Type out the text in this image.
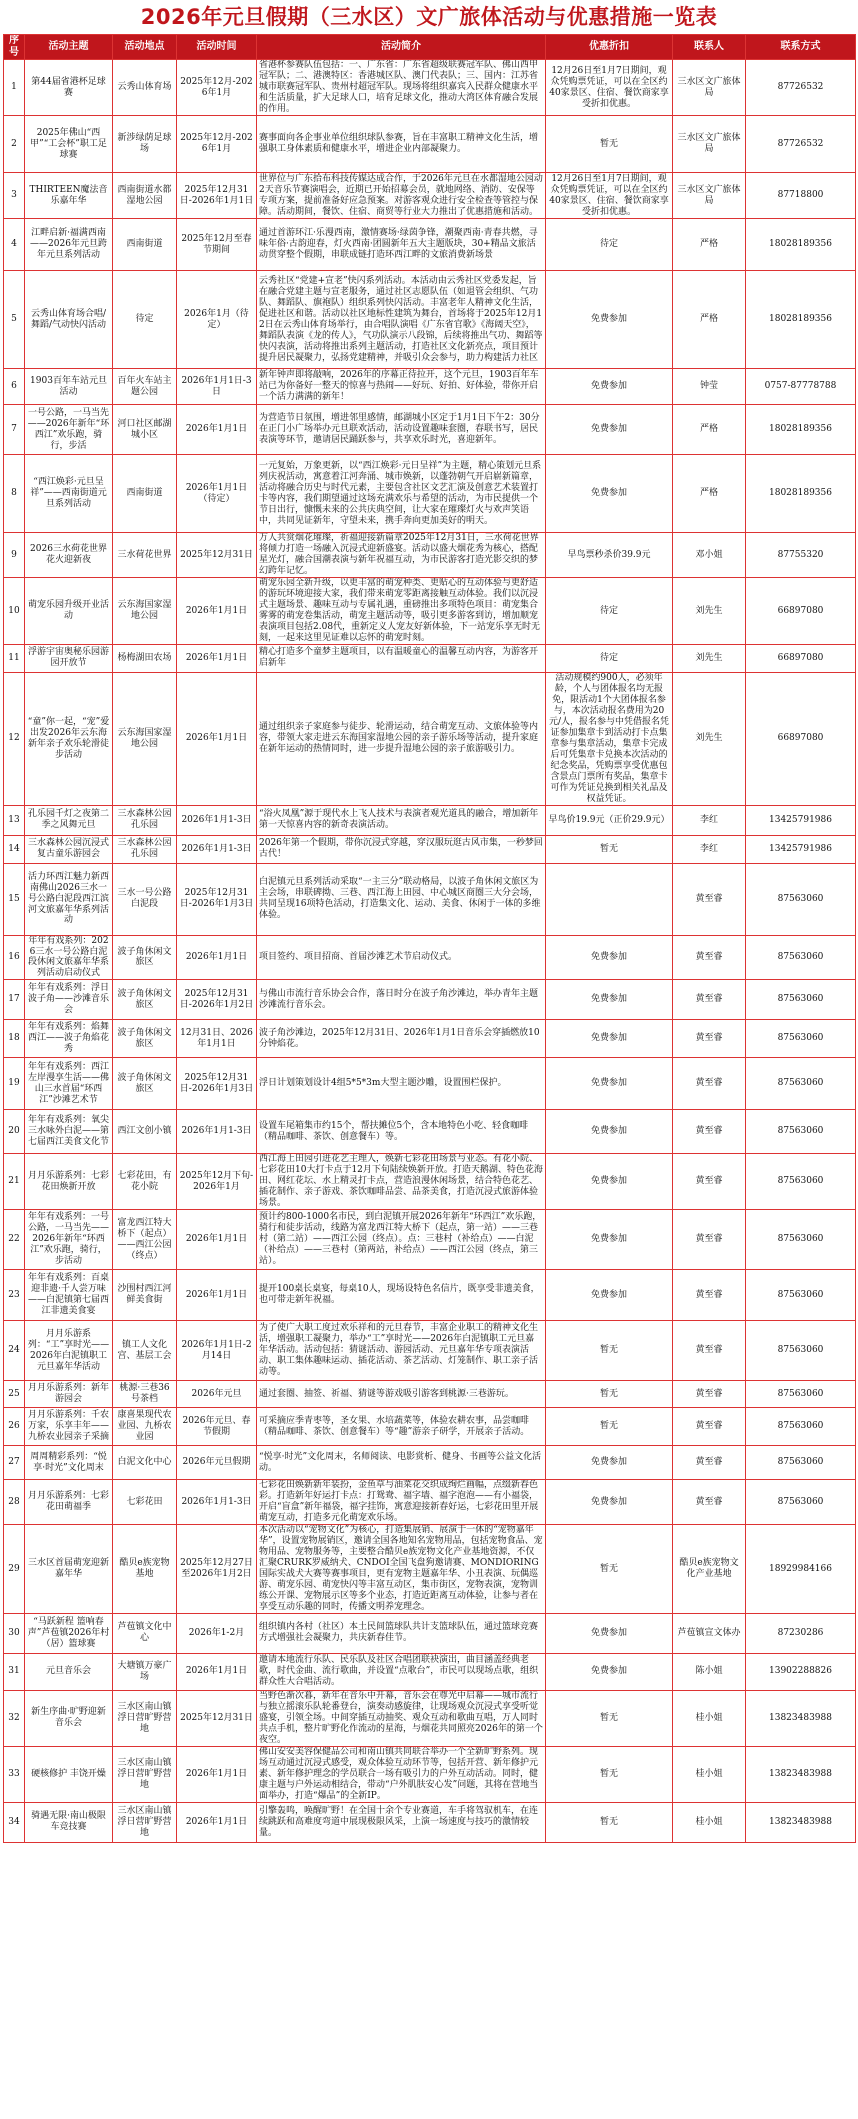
2026年元旦假期（三水区）文广旅体活动与优惠措施一览表
序号	活动主题	活动地点	活动时间	活动简介	优惠折扣	联系人	联系方式
1	第44届省港杯足球赛	云秀山体育场	2025年12月-2026年1月	省港杯参赛队伍包括：一、广东省：广东省超级联赛冠军队、佛山西甲冠军队；二、港澳特区：香港城区队、澳门代表队；三、国内：江苏省城市联赛冠军队、贵州村超冠军队。现场将组织嘉宾入民群众健康水平和生活质量，扩大足球人口，培育足球文化，推动大湾区体育融合发展的作用。	12月26日至1月7日期间，观众凭购票凭证，可以在全区约40家景区、住宿、餐饮商家享受折扣优惠。	三水区文广旅体局	87726532
2	2025年佛山“西甲”“工会杯”职工足球赛	新涉绿荫足球场	2025年12月-2026年1月	赛事面向各企事业单位组织球队参赛，旨在丰富职工精神文化生活，增强职工身体素质和健康水平，增进企业内部凝聚力。	暂无	三水区文广旅体局	87726532
3	THIRTEEN魔法音乐嘉年华	西南街道水都湿地公园	2025年12月31日-2026年1月1日	世界位与广东拾布科技传媒达成合作，于2026年元旦在水都湿地公园动2天音乐节赛演唱会，近期已开始招募会员，就地网络、消防、安保等专项方案，提前准备好应急预案。对游客观众进行安全检查等管控与保障。活动期间，餐饮、住宿、商贸等行业大力推出了优惠措施和活动。	12月26日至1月7日期间，观众凭购票凭证，可以在全区约40家景区、住宿、餐饮商家享受折扣优惠。	三水区文广旅体局	87718800
4	江畔启新·福满西南——2026年元旦跨年元旦系列活动	西南街道	2025年12月至春节期间	通过首游环江·乐漫西南，激情赛场·绿茵争锋，潮聚西南·青春共燃，寻味年俗·古韵迎春，灯火西南·团圆新年五大主题版块，30+精品文旅活动贯穿整个假期，串联成链打造环西江畔的文旅消费新场景	待定	严格	18028189356
5	云秀山体育场合唱/舞蹈/气动快闪活动	待定	2026年1月（待定）	云秀社区“党建+宣老”快闪系列活动。本活动由云秀社区党委发起，旨在融合党建主题与宣老服务，通过社区志愿队伍（如退管会组织、气功队、舞蹈队、旗袍队）组织系列快闪活动。丰富老年人精神文化生活，促进社区和谐。活动以社区地标性建筑为舞台，首场将于2025年12月12日在云秀山体育场举行，由合唱队演唱《广东省官歌》《海阔天空》，舞蹈队表演《龙的传人》，气功队演示八段锦，后续将推出气功、舞蹈等快闪表演，活动将推出系列主题活动，打造社区文化新亮点，项目预计提升居民凝聚力，弘扬党建精神，并吸引众会参与，助力构建活力社区	免费参加	严格	18028189356
6	1903百年车站元旦活动	百年火车站主题公园	2026年1月1日-3日	新年钟声即将敲响，2026年的序幕正待拉开，这个元旦，1903百年车站已为你备好一整天的惊喜与热闹——好玩、好拍、好体验，带你开启一个活力满满的新年！	免费参加	钟莹	0757-87778788
7	一号公路，一马当先——2026年新年“环西江”欢乐跑，骑行，步活	河口社区邮湖城小区	2026年1月1日	为营造节日氛围，增进邻里感情，邮湖城小区定于1月1日下午2：30分在正门小广场举办元旦联欢活动，活动设置趣味套圈，春联书写，居民表演等环节，邀请居民踊跃参与，共享欢乐时光，喜迎新年。	免费参加	严格	18028189356
8	“西江焕彩·元旦呈祥”——西南街道元旦系列活动	西南街道	2026年1月1日（待定）	一元复始，万象更新，以“西江焕彩·元日呈祥”为主题，精心策划元旦系列庆祝活动，寓意着江河奔涌、城市焕新，以蓬勃朝气开启崭新篇章，活动将融合历史与时代元素，主要包含社区文艺汇演及创意艺术装置打卡等内容，我们期望通过这场充满欢乐与希望的活动，为市民提供一个节日出行，慷慨未来的公共庆典空间，让大家在璀璨灯火与欢声笑语中，共同见证新年，守望未来，携手奔向更加美好的明天。	免费参加	严格	18028189356
9	2026三水荷花世界花火迎新夜	三水荷花世界	2025年12月31日	万人共赏烟花璀璨，祈福迎接新篇章2025年12月31日，三水荷花世界将倾力打造一场融入沉浸式迎新盛宴。活动以盛大烟花秀为核心，搭配星光灯，融合国潮表演与新年祝福互动，为市民游客打造光影交织的梦幻跨年记忆。	早鸟票秒杀价39.9元	邓小姐	87755320
10	萌宠乐园升级开业活动	云东海国家湿地公园	2026年1月1日	萌宠乐园全新升级，以更丰富的萌宠种类、更贴心的互动体验与更舒适的游玩环境迎接大家，我们带来萌宠零距离接触互动体验。我们以沉浸式主题场景、趣味互动与专属礼遇，重磅推出多项特色项目：萌宠集合雾雾的萌宠卷集活动，萌宠主题活动等，吸引更多游客到访，增加顺宠表演项目包括2.08代，重新定义人宠友好新体验，下一站宠乐享无时无刻，一起来这里见证难以忘怀的萌宠时刻。	待定	刘先生	66897080
11	浮游宇宙奥秘乐园游园开放节	杨梅湖田农场	2026年1月1日	精心打造多个童梦主题项目，以有温暖童心的温馨互动内容，为游客开启新年	待定	刘先生	66897080
12	“童”你一起，“宠”爱出发2026年云东海新年亲子欢乐轮滑徒步活动	云东海国家湿地公园	2026年1月1日	通过组织亲子家庭参与徒步、轮滑运动，结合萌宠互动、文旅体验等内容，带领大家走进云东海国家湿地公园的亲子游乐场等活动，提升家庭在新年运动的热情同时，进一步提升湿地公园的亲子旅游吸引力。	活动规模约900人，必须年龄，个人与团体报名均无报免，限活动1个大团体报名参与，本次活动报名费用为20元/人，报名参与中凭借报名凭证参加集章卡到活动打卡点集章参与集章活动，集章卡完成后可凭集章卡兑换本次活动的纪念奖品，凭购票享受优惠包含景点门票所有奖品，集章卡可作为凭证兑换到相关礼品及权益凭证。	刘先生	66897080
13	孔乐园千灯之夜第二季之风舞元旦	三水森林公园孔乐园	2026年1月1-3日	“浴火凤凰”源于现代水上飞人技术与表演者观光道具的融合，增加新年第一天惊喜内容的新奇表演活动。	早鸟价19.9元（正价29.9元）	李红	13425791986
14	三水森林公园沉浸式复古童乐游园会	三水森林公园孔乐园	2026年1月1-3日	2026年第一个假期，带你沉浸式穿越，穿汉服玩逛古风市集，一秒梦回古代！	暂无	李红	13425791986
15	活力环西江魅力新西南佛山2026三水一号公路白泥段西江滨河文旅嘉年华系列活动	三水一号公路白泥段	2025年12月31日-2026年1月3日	白泥镇元旦系列活动采取“一主三分”联动格局，以波子角休闲文旅区为主会场，串联碑拗、三巷、西江海上田园、中心城区商圈三大分会场，共同呈现16项特色活动，打造集文化、运动、美食、休闲于一体的多维体验。		黄至睿	87563060
16	年年有戏系列：2026三水一号公路白泥段休闲文旅嘉年华系列活动启动仪式	波子角休闲文旅区	2026年1月1日	项目签约、项目招商、首届沙滩艺术节启动仪式。	免费参加	黄至睿	87563060
17	年年有戏系列：浮日波子角——沙滩音乐会	波子角休闲文旅区	2025年12月31日-2026年1月2日	与佛山市流行音乐协会合作，落日时分在波子角沙滩边，举办青年主题沙滩流行音乐会。	免费参加	黄至睿	87563060
18	年年有戏系列：焰舞西江——波子角焰花秀	波子角休闲文旅区	12月31日、2026年1月1日	波子角沙滩边，2025年12月31日、2026年1月1日音乐会穿插燃放10分钟焰花。	免费参加	黄至睿	87563060
19	年年有戏系列：西江左岸漫享生活——佛山三水首届“环西江”沙滩艺术节	波子角休闲文旅区	2025年12月31日-2026年1月3日	浮日计划策划设计4组5*5*3m大型主题沙雕，设置围栏保护。	免费参加	黄至睿	87563060
20	年年有戏系列：氧尖三水咏外白泥——第七届西江美食文化节	西江文创小镇	2026年1月1-3日	设置车尾箱集市约15个，帮扶摊位5个，含本地特色小吃、轻食咖啡（精品咖啡、茶饮、创意餐车）等。	免费参加	黄至睿	87563060
21	月月乐游系列：七彩花田焕新开放	七彩花田，有花小院	2025年12月下旬-2026年1月	西江海上田园引进花艺主理人，焕新七彩花田场景与业态。有花小院、七彩花田10大打卡点于12月下旬陆续焕新开放。打造天鹅湖、特色花海田、网红花坛、水上精灵打卡点，营造浪漫休闲场景，结合特色花艺、插花制作、亲子游戏、茶饮咖啡品尝、品茶美食，打造沉浸式旅游体验场景。	免费参加	黄至睿	87563060
22	年年有戏系列：一号公路，一马当先——2026年新年“环西江”欢乐跑，骑行，步活动	富龙西江特大桥下（起点）——西江公园（终点）	2026年1月1日	预计约800-1000名市民，到白泥镇开展2026年新年“环西江”欢乐跑，骑行和徒步活动，线路为富龙西江特大桥下（起点，第一站）——三巷村（第二站）——西江公园（终点）。点：三巷村（补给点）——白泥（补给点）——三巷村（第两站，补给点）——西江公园（终点，第三站）。	免费参加	黄至睿	87563060
23	年年有戏系列：百桌迎非遗·千人尝万味——白泥镇第七届西江非遗美食宴	沙围村西江河鲜美食街	2026年1月1日	提开100桌长桌宴，每桌10人，现场设特色名信片，既享受非遗美食，也可带走新年祝福。	免费参加	黄至睿	87563060
24	月月乐游系列：“工”享时光——2026年白泥镇职工元旦嘉年华活动	镇工人文化宫、基层工会	2026年1月1日-2月14日	为了使广大职工度过欢乐祥和的元旦春节，丰富企业职工的精神文化生活，增强职工凝聚力，举办“工”享时光——2026年白泥镇职工元旦嘉年华活动。活动包括：猜谜活动、游园活动、元旦嘉年华专项表演活动、职工集体趣味运动、插花活动、茶艺活动、灯笼制作、职工亲子活动等。	暂无	黄至睿	87563060
25	月月乐游系列：新年游园会	桃源·三巷36号茶档	2026年元旦	通过套圈、抽签、祈福、猜谜等游戏吸引游客到桃源·三巷游玩。	暂无	黄至睿	87563060
26	月月乐游系列：千农万家，乐享丰年——九桥农业园亲子采摘	康喜果现代农业园、九桥农业园	2026年元旦、春节假期	可采摘应季青枣等，圣女果、水培蔬菜等，体验农耕农事，品尝咖啡（精品咖啡、茶饮、创意餐车）等“趣”游亲子研学，开展亲子活动。	暂无	黄至睿	87563060
27	周周精彩系列：“悦享·时光”文化周末	白泥文化中心	2026年元旦假期	“悦享·时光”文化周末，名师阅读、电影赏析、健身、书画等公益文化活动。	免费参加	黄至睿	87563060
28	月月乐游系列：七彩花田萌福季	七彩花田	2026年1月1-3日	七彩花田焕新新年装扮，金鱼草与油菜花交织成绚烂画幅，点缀新春色彩。打造新年好运打卡点：打鸳鸯、福字墙、福字泡泡——有小福袋，开启“盲盒”新年福袋，福字挂饰，寓意迎接新春好运，七彩花田里开展萌宠互动，打造多元化萌宠欢乐场。	免费参加	黄至睿	87563060
29	三水区首届萌宠迎新嘉年华	酷贝e族宠物基地	2025年12月27日至2026年1月2日	本次活动以“宠物文化”为核心，打造集展销、展演于一体的“宠物嘉年华”，设置宠物展销区，邀请全国各地知名宠物用品，包括宠物食品、宠物用品、宠物服务等，主要整合酷贝e族宠物文化产业基地资源，不仅汇聚CRURK罗威纳犬、CNDOI全国飞盘狗邀请赛、MONDIORING国际实战犬大赛等赛事项目，更有宠物主题嘉年华、小丑表演、玩偶巡游、萌宠乐园、萌宠快闪等丰富互动区，集市街区，宠物表演，宠物训练公开课、宠物展示区等多个业态，打造近距离互动体验，让参与者在享受互动乐趣的同时，传播文明养宠理念。	暂无	酷贝e族宠物文化产业基地	18929984166
30	“马跃新程 篮响春声”芦苞镇2026年村（居）篮球赛	芦苞镇文化中心	2026年1-2月	组织镇内各村（社区）本土民间篮球队共计支篮球队伍，通过篮球竞赛方式增强社会凝聚力，共庆新春佳节。	免费参加	芦苞镇宣文体办	87230286
31	元旦音乐会	大塘镇万豪广场	2026年1月1日	邀请本地流行乐队、民乐队及社区合唱团联袂演出，曲目涵盖经典老歌，时代金曲、流行歌曲，并设置“点歌台”，市民可以现场点歌，组织群众性大合唱活动。	免费参加	陈小姐	13902288826
32	新生序曲·旷野迎新音乐会	三水区南山镇浮日营旷野营地	2025年12月31日	当野色渐次暮，新年在音乐中开幕，音乐会在尊光中启幕——城市流行与独立摇滚乐队轮番登台，演奏动感旋律，让现场观众沉浸式享受听觉盛宴，引领全场。中间穿插互动抽奖、观众互动和歌曲互唱，万人同时共点手机，整片旷野化作流动的星海，与烟花共同照亮2026年的第一个夜空。	暂无	桂小姐	13823483988
33	硬核修护 丰饶开燥	三水区南山镇浮日营旷野营地	2026年1月1日	佛山安安美容保健品公司和南山镇共同联合举办一个全新旷野系列。现场互动通过沉浸式感受，观众体验互动环节等，包括开营、新年修护元素、新年修护理念的学员联合一场有吸引力的户外互动活动。同时，健康主题与户外运动相结合，带动“户外肌肤安心发”问题，其将在营地当面举办，打造“爆品”的全新IP。	暂无	桂小姐	13823483988
34	骑遇无限·南山极限车竞技赛	三水区南山镇浮日营旷野营地	2026年1月1日	引擎轰鸣，唤醒旷野！在全国十余个专业赛道，车手将驾驭机车，在连续跳跃和高难度弯道中展现极限风采，上演一场速度与技巧的激情较量。	暂无	桂小姐	13823483988
